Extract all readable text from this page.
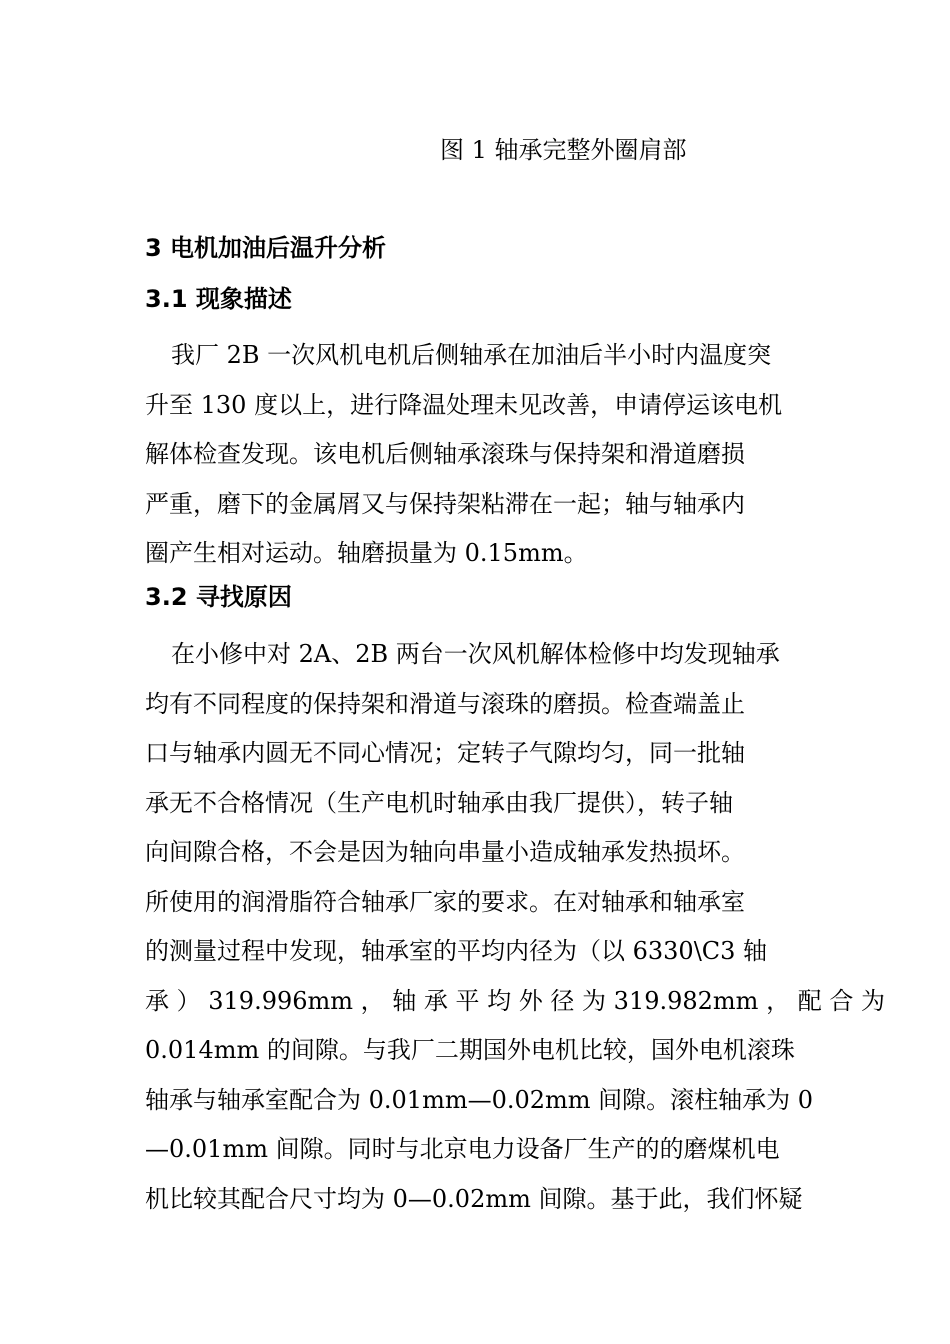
图 1 轴承完整外圈肩部
3 电机加油后温升分析
3.1 现象描述
我厂 2B 一次风机电机后侧轴承在加油后半小时内温度突
升至 130 度以上，进行降温处理未见改善，申请停运该电机
解体检查发现。该电机后侧轴承滚珠与保持架和滑道磨损
严重，磨下的金属屑又与保持架粘滞在一起；轴与轴承内
圈产生相对运动。轴磨损量为 0.15mm。
3.2 寻找原因
在小修中对 2A、2B 两台一次风机解体检修中均发现轴承
均有不同程度的保持架和滑道与滚珠的磨损。检查端盖止
口与轴承内圆无不同心情况；定转子气隙均匀，同一批轴
承无不合格情况（生产电机时轴承由我厂提供），转子轴
向间隙合格，不会是因为轴向串量小造成轴承发热损坏。
所使用的润滑脂符合轴承厂家的要求。在对轴承和轴承室
的测量过程中发现，轴承室的平均内径为（以 6330\C3 轴
承 ） 319.996mm ， 轴 承 平 均 外 径 为 319.982mm ， 配 合 为
0.014mm 的间隙。与我厂二期国外电机比较，国外电机滚珠
轴承与轴承室配合为 0.01mm—0.02mm 间隙。滚柱轴承为 0
—0.01mm 间隙。同时与北京电力设备厂生产的的磨煤机电
机比较其配合尺寸均为 0—0.02mm 间隙。基于此，我们怀疑
